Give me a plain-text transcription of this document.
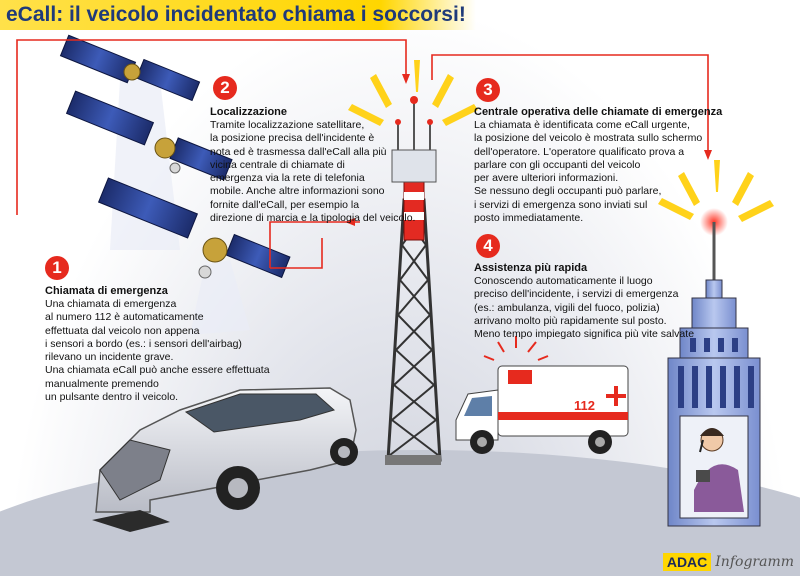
112
eCall: il veicolo incidentato chiama i soccorsi!
1
Chiamata di emergenza
Una chiamata di emergenza
al numero 112 è automaticamente
effettuata dal veicolo non appena
i sensori a bordo (es.: i sensori dell'airbag)
rilevano un incidente grave.
Una chiamata eCall può anche essere effettuata
manualmente premendo
un pulsante dentro il veicolo.
2
Localizzazione
Tramite localizzazione satellitare,
la posizione precisa dell'incidente è
nota ed è trasmessa dall'eCall alla più
vicina centrale di chiamate di
emergenza via la rete di telefonia
mobile. Anche altre informazioni sono
fornite dall'eCall, per esempio la
direzione di marcia e la tipologia del veicolo.
3
Centrale operativa delle chiamate di emergenza
La chiamata è identificata come eCall urgente,
la posizione del veicolo è mostrata sullo schermo
dell'operatore. L'operatore qualificato prova a
parlare con gli occupanti del veicolo
per avere ulteriori informazioni.
Se nessuno degli occupanti può parlare,
i servizi di emergenza sono inviati sul
posto immediatamente.
4
Assistenza più rapida
Conoscendo automaticamente il luogo
preciso dell'incidente, i servizi di emergenza
(es.: ambulanza, vigili del fuoco, polizia)
arrivano molto più rapidamente sul posto.
Meno tempo impiegato significa più vite salvate
ADAC Infogramm
